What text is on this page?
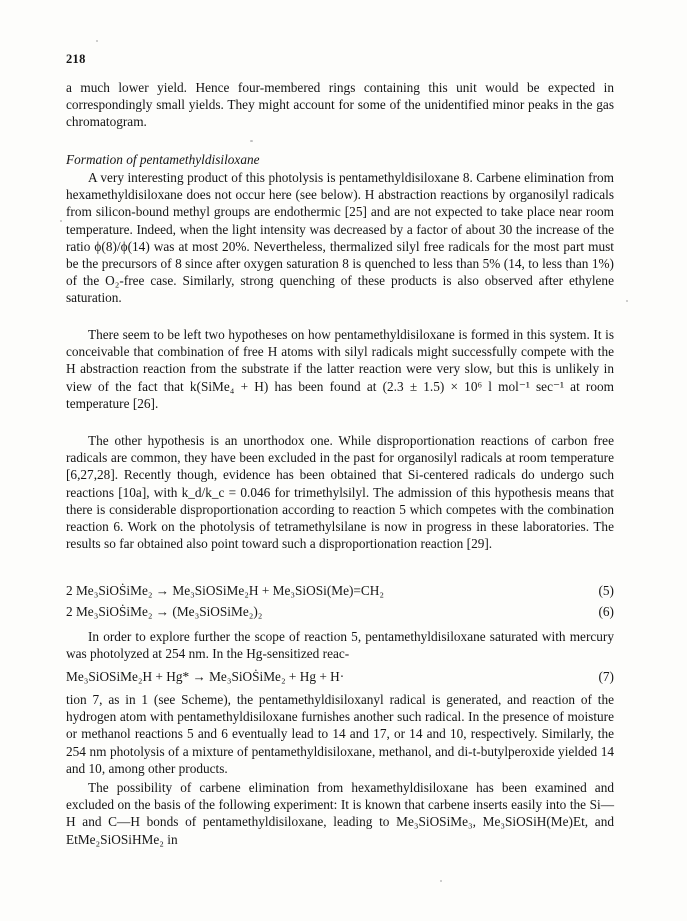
218

a much lower yield. Hence four-membered rings containing this unit would be expected in correspondingly small yields. They might account for some of the unidentified minor peaks in the gas chromatogram.

Formation of pentamethyldisiloxane

A very interesting product of this photolysis is pentamethyldisiloxane 8. Carbene elimination from hexamethyldisiloxane does not occur here (see below). H abstraction reactions by organosilyl radicals from silicon-bound methyl groups are endothermic [25] and are not expected to take place near room temperature. Indeed, when the light intensity was decreased by a factor of about 30 the increase of the ratio ϕ(8)/ϕ(14) was at most 20%. Nevertheless, thermalized silyl free radicals for the most part must be the precursors of 8 since after oxygen saturation 8 is quenched to less than 5% (14, to less than 1%) of the O₂-free case. Similarly, strong quenching of these products is also observed after ethylene saturation.

There seem to be left two hypotheses on how pentamethyldisiloxane is formed in this system. It is conceivable that combination of free H atoms with silyl radicals might successfully compete with the H abstraction reaction from the substrate if the latter reaction were very slow, but this is unlikely in view of the fact that k(SiMe₄ + H) has been found at (2.3 ± 1.5) × 10⁶ l mol⁻¹ sec⁻¹ at room temperature [26].

The other hypothesis is an unorthodox one. While disproportionation reactions of carbon free radicals are common, they have been excluded in the past for organosilyl radicals at room temperature [6,27,28]. Recently though, evidence has been obtained that Si-centered radicals do undergo such reactions [10a], with k_d/k_c = 0.046 for trimethylsilyl. The admission of this hypothesis means that there is considerable disproportionation according to reaction 5 which competes with the combination reaction 6. Work on the photolysis of tetramethylsilane is now in progress in these laboratories. The results so far obtained also point toward such a disproportionation reaction [29].

2 Me₃SiOṠiMe₂ → Me₃SiOSiMe₂H + Me₃SiOSi(Me)=CH₂	(5)
2 Me₃SiOṠiMe₂ → (Me₃SiOSiMe₂)₂	(6)

In order to explore further the scope of reaction 5, pentamethyldisiloxane saturated with mercury was photolyzed at 254 nm. In the Hg-sensitized reac-

Me₃SiOSiMe₂H + Hg* → Me₃SiOṠiMe₂ + Hg + H·	(7)

tion 7, as in 1 (see Scheme), the pentamethyldisiloxanyl radical is generated, and reaction of the hydrogen atom with pentamethyldisiloxane furnishes another such radical. In the presence of moisture or methanol reactions 5 and 6 eventually lead to 14 and 17, or 14 and 10, respectively. Similarly, the 254 nm photolysis of a mixture of pentamethyldisiloxane, methanol, and di-t-butylperoxide yielded 14 and 10, among other products.

The possibility of carbene elimination from hexamethyldisiloxane has been examined and excluded on the basis of the following experiment: It is known that carbene inserts easily into the Si—H and C—H bonds of pentamethyldisiloxane, leading to Me₃SiOSiMe₃, Me₃SiOSiH(Me)Et, and EtMe₂SiOSiHMe₂ in
